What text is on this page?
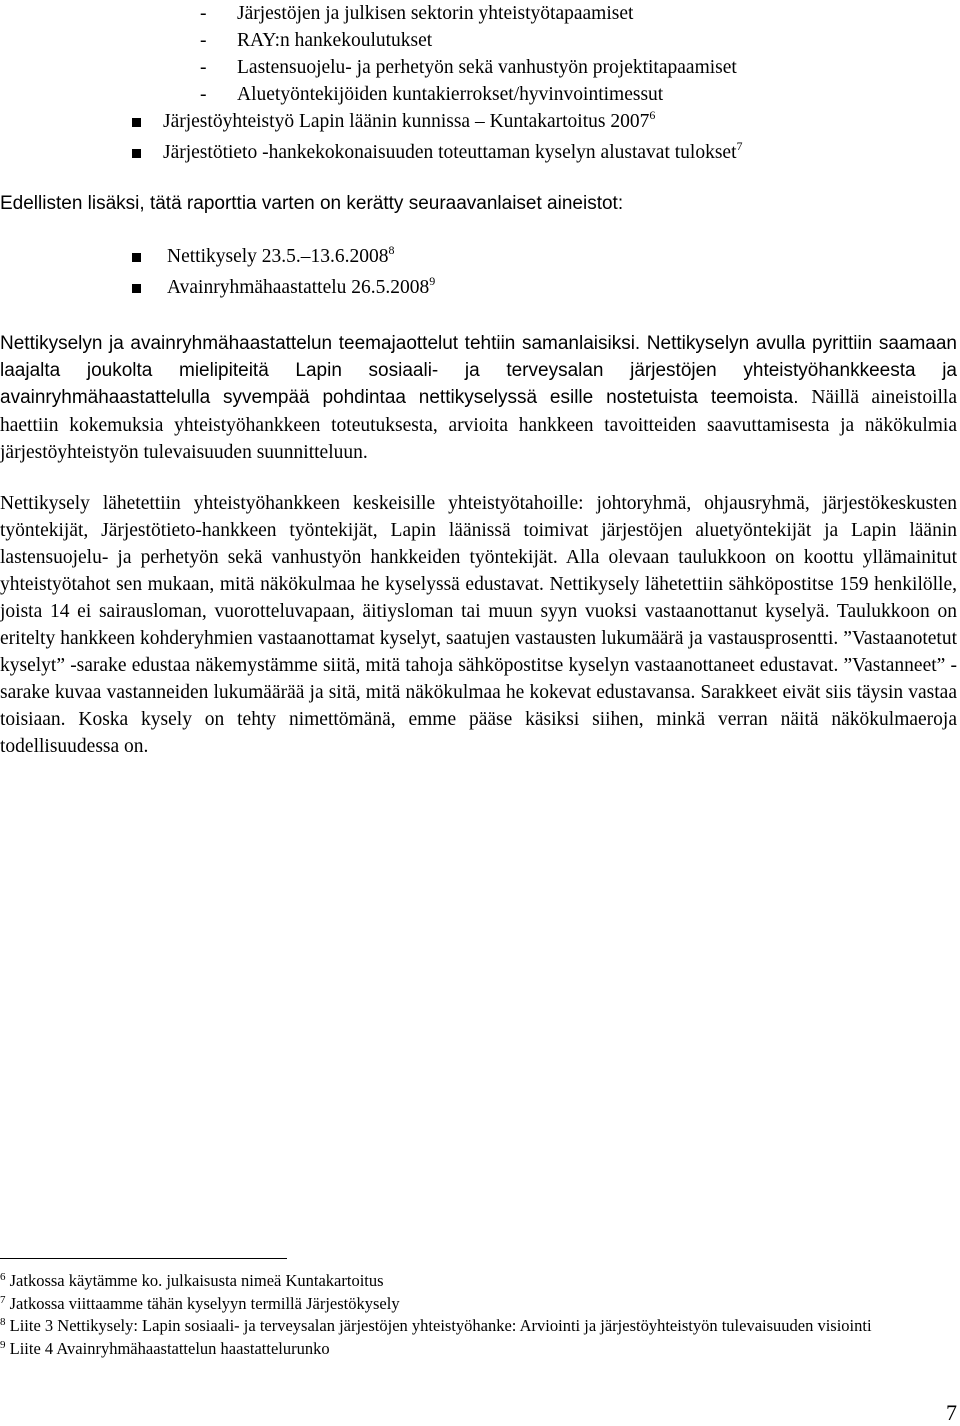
- Järjestöjen ja julkisen sektorin yhteistyötapaamiset
- RAY:n hankekoulutukset
- Lastensuojelu- ja perhetyön sekä vanhustyön projektitapaamiset
- Aluetyöntekijöiden kuntakierrokset/hyvinvointimessut
Järjestöyhteistyö Lapin läänin kunnissa – Kuntakartoitus 2007$^6$
Järjestötieto -hankekokonaisuuden toteuttaman kyselyn alustavat tulokset$^7$
Edellisten lisäksi, tätä raporttia varten on kerätty seuraavanlaiset aineistot:
Nettikysely 23.5.–13.6.2008$^8$
Avainryhmähaastattelu 26.5.2008$^9$

Nettikyselyn ja avainryhmähaastattelun teemajaottelut tehtiin samanlaisiksi. Nettikyselyn avulla pyrittiin saamaan laajalta joukolta mielipiteitä Lapin sosiaali- ja terveysalan järjestöjen yhteistyöhankkeesta ja avainryhmähaastattelulla syvempää pohdintaa nettikyselyssä esille nostetuista teemoista. Näillä aineistoilla haettiin kokemuksia yhteistyöhankkeen toteutuksesta, arvioita hankkeen tavoitteiden saavuttamisesta ja näkökulmia järjestöyhteistyön tulevaisuuden suunnitteluun.

Nettikysely lähetettiin yhteistyöhankkeen keskeisille yhteistyötahoille: johtoryhmä, ohjausryhmä, järjestökeskusten työntekijät, Järjestötieto-hankkeen työntekijät, Lapin läänissä toimivat järjestöjen aluetyöntekijät ja Lapin läänin lastensuojelu- ja perhetyön sekä vanhustyön hankkeiden työntekijät. Alla olevaan taulukkoon on koottu yllämainitut yhteistyötahot sen mukaan, mitä näkökulmaa he kyselyssä edustavat. Nettikysely lähetettiin sähköpostitse 159 henkilölle, joista 14 ei sairausloman, vuorotteluvapaan, äitiysloman tai muun syyn vuoksi vastaanottanut kyselyä. Taulukkoon on eritelty hankkeen kohderyhmien vastaanottamat kyselyt, saatujen vastausten lukumäärä ja vastausprosentti. ”Vastaanotetut kyselyt” -sarake edustaa näkemystämme siitä, mitä tahoja sähköpostitse kyselyn vastaanottaneet edustavat. ”Vastanneet” -sarake kuvaa vastanneiden lukumäärää ja sitä, mitä näkökulmaa he kokevat edustavansa. Sarakkeet eivät siis täysin vastaa toisiaan. Koska kysely on tehty nimettömänä, emme pääse käsiksi siihen, minkä verran näitä näkökulmaeroja todellisuudessa on.

$^6$ Jatkossa käytämme ko. julkaisusta nimeä Kuntakartoitus
$^7$ Jatkossa viittaamme tähän kyselyyn termillä Järjestökysely
$^8$ Liite 3 Nettikysely: Lapin sosiaali- ja terveysalan järjestöjen yhteistyöhanke: Arviointi ja järjestöyhteistyön tulevaisuuden visiointi
$^9$ Liite 4 Avainryhmähaastattelun haastattelurunko
7
